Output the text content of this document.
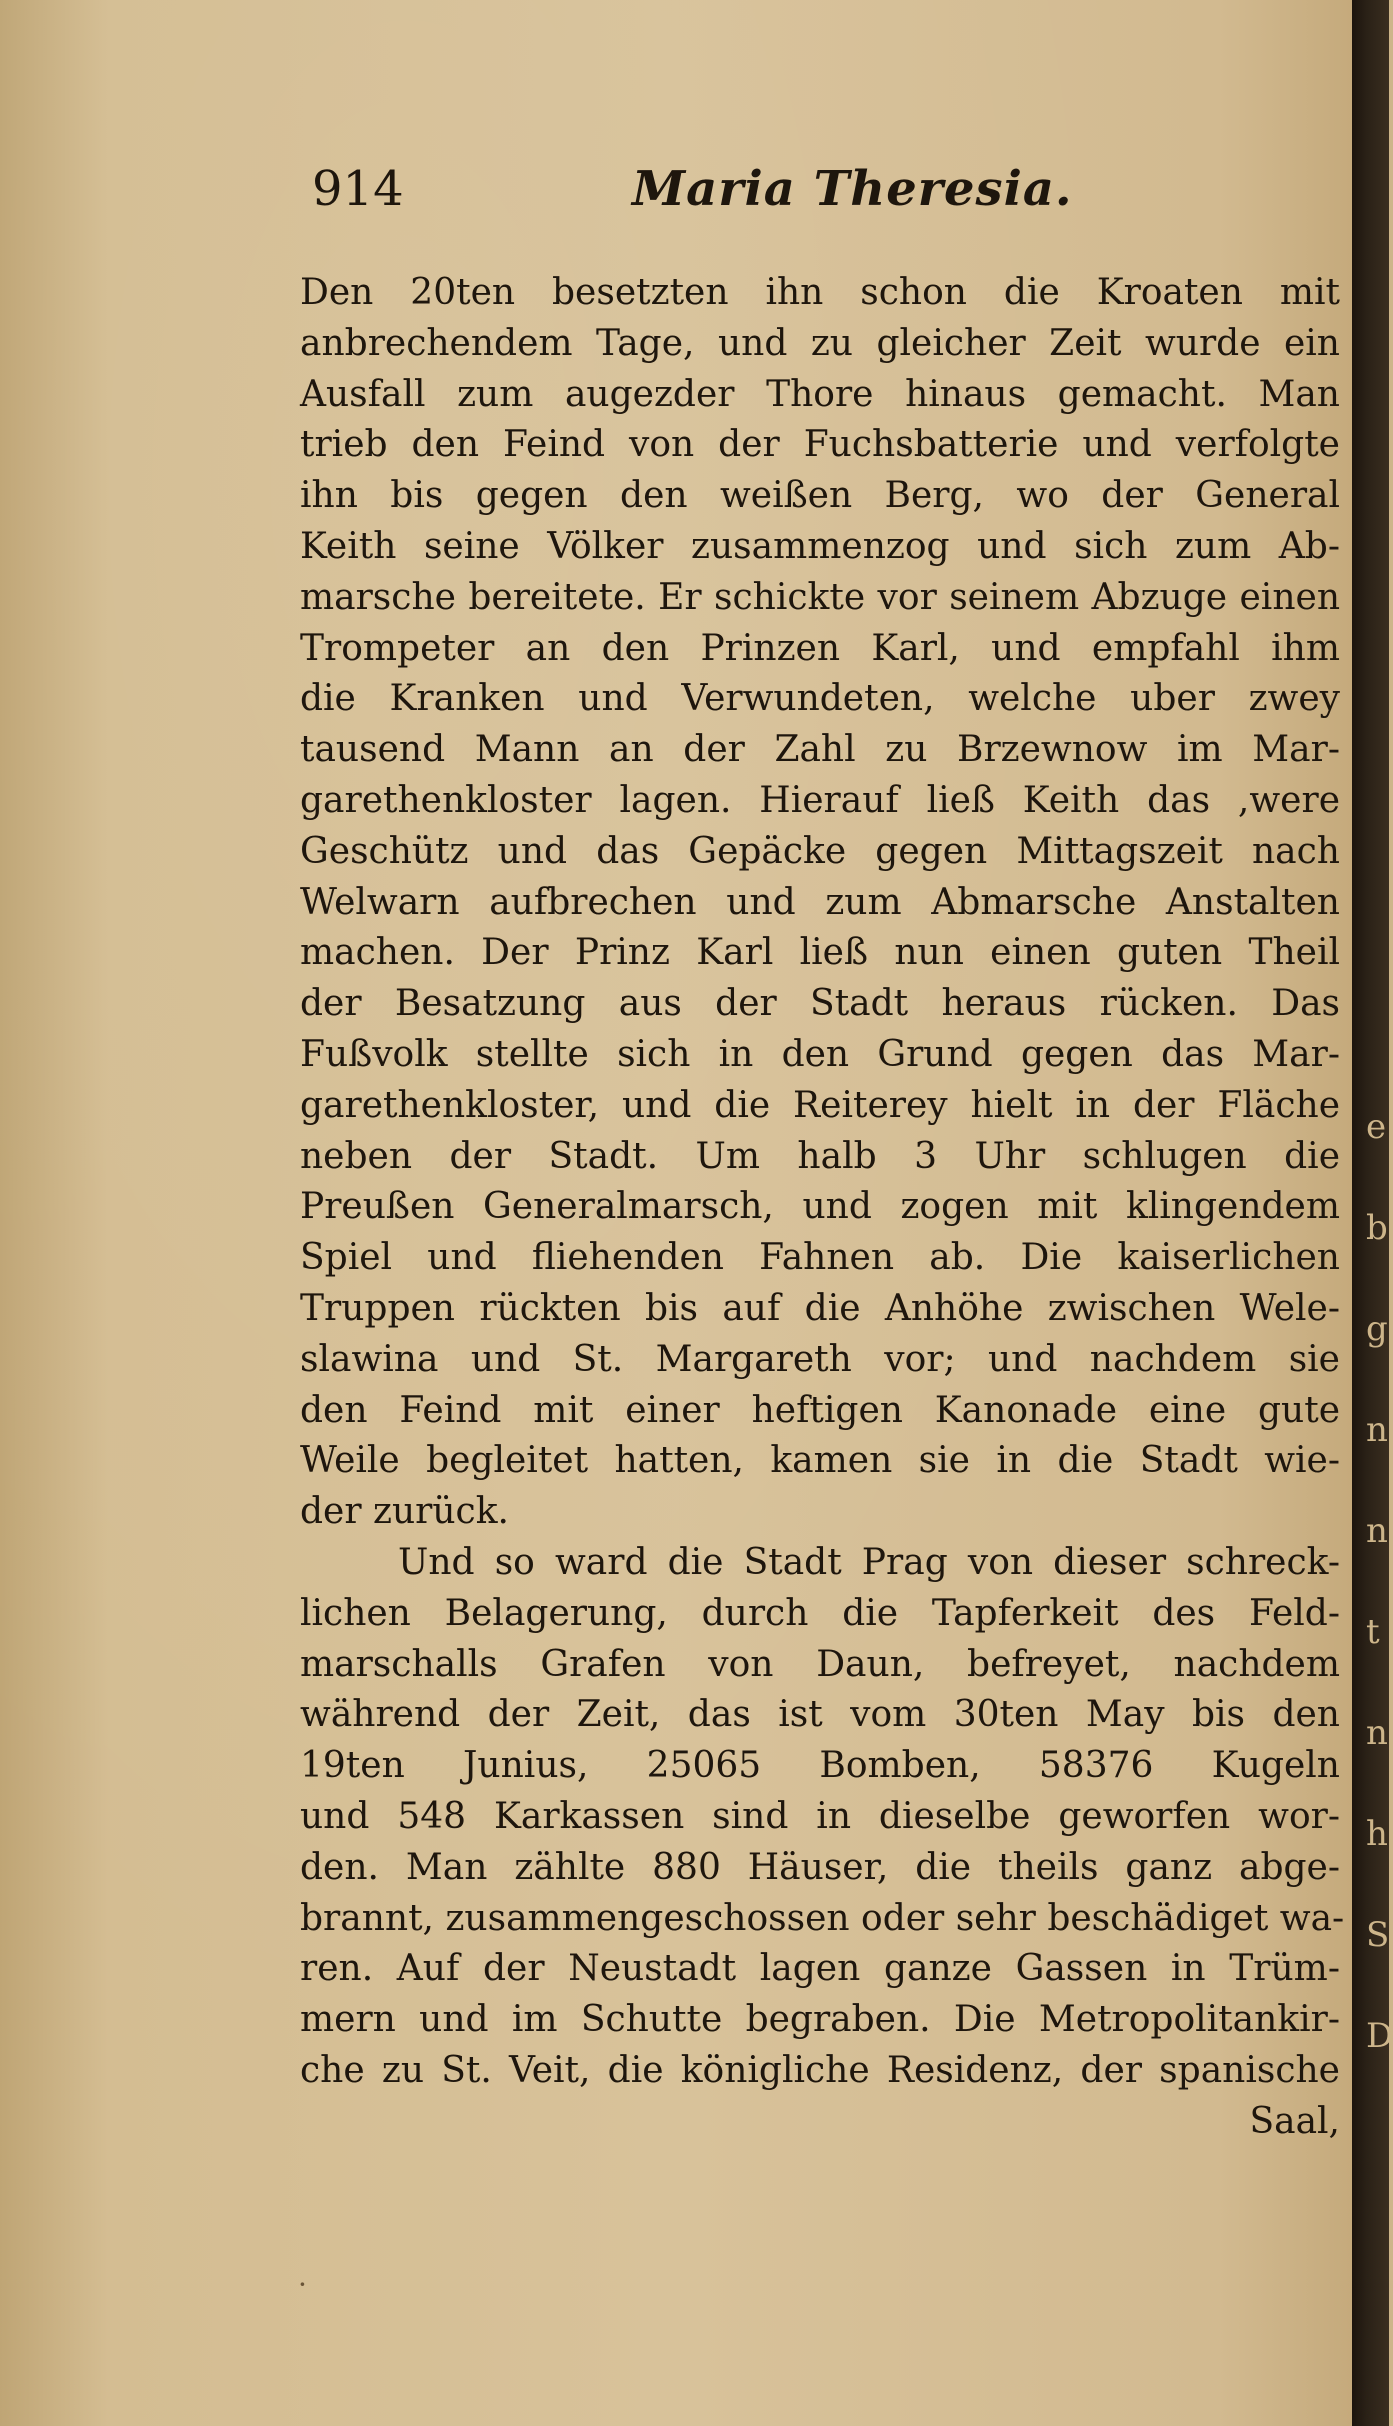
914	Maria Theresia.
Den 20ten besetzten ihn schon die Kroaten mit
anbrechendem Tage, und zu gleicher Zeit wurde ein
Ausfall zum augezder Thore hinaus gemacht. Man
trieb den Feind von der Fuchsbatterie und verfolgte
ihn bis gegen den weißen Berg, wo der General
Keith seine Völker zusammenzog und sich zum Ab-
marsche bereitete. Er schickte vor seinem Abzuge einen
Trompeter an den Prinzen Karl, und empfahl ihm
die Kranken und Verwundeten, welche uber zwey
tausend Mann an der Zahl zu Brzewnow im Mar-
garethenkloster lagen. Hierauf ließ Keith das ,were
Geschütz und das Gepäcke gegen Mittagszeit nach
Welwarn aufbrechen und zum Abmarsche Anstalten
machen. Der Prinz Karl ließ nun einen guten Theil
der Besatzung aus der Stadt heraus rücken. Das
Fußvolk stellte sich in den Grund gegen das Mar-
garethenkloster, und die Reiterey hielt in der Fläche
neben der Stadt. Um halb 3 Uhr schlugen die
Preußen Generalmarsch, und zogen mit klingendem
Spiel und fliehenden Fahnen ab. Die kaiserlichen
Truppen rückten bis auf die Anhöhe zwischen Wele-
slawina und St. Margareth vor; und nachdem sie
den Feind mit einer heftigen Kanonade eine gute
Weile begleitet hatten, kamen sie in die Stadt wie-
der zurück.
Und so ward die Stadt Prag von dieser schreck-
lichen Belagerung, durch die Tapferkeit des Feld-
marschalls Grafen von Daun, befreyet, nachdem
während der Zeit, das ist vom 30ten May bis den
19ten Junius, 25065 Bomben, 58376 Kugeln
und 548 Karkassen sind in dieselbe geworfen wor-
den. Man zählte 880 Häuser, die theils ganz abge-
brannt, zusammengeschossen oder sehr beschädiget wa-
ren. Auf der Neustadt lagen ganze Gassen in Trüm-
mern und im Schutte begraben. Die Metropolitankir-
che zu St. Veit, die königliche Residenz, der spanische
Saal,
·
e
b
g
n
n
t
n
h
S
D
